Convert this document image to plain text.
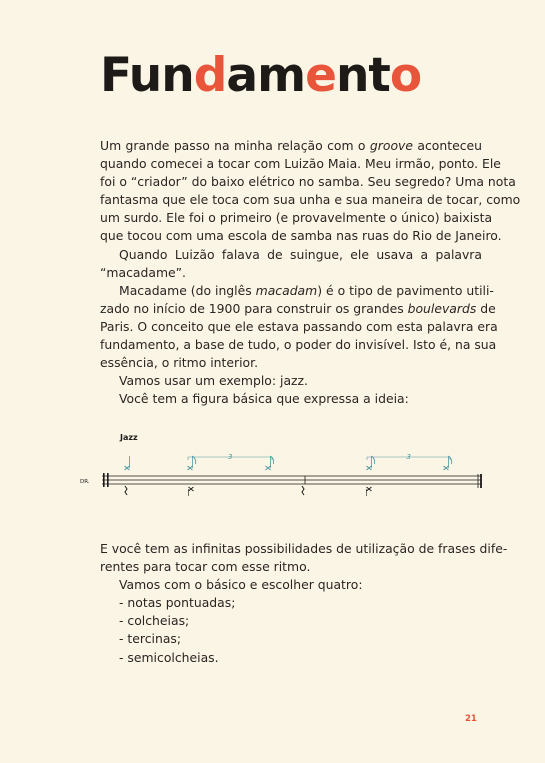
Fundamento

Um grande passo na minha relação com o groove aconteceu
quando comecei a tocar com Luizão Maia. Meu irmão, ponto. Ele
foi o “criador” do baixo elétrico no samba. Seu segredo? Uma nota
fantasma que ele toca com sua unha e sua maneira de tocar, como
um surdo. Ele foi o primeiro (e provavelmente o único) baixista
que tocou com uma escola de samba nas ruas do Rio de Janeiro.

Quando Luizão falava de suingue, ele usava a palavra “macadame”.

Macadame (do inglês macadam) é o tipo de pavimento utili-
zado no início de 1900 para construir os grandes boulevards de
Paris. O conceito que ele estava passando com esta palavra era
fundamento, a base de tudo, o poder do invisível. Isto é, na sua
essência, o ritmo interior.

Vamos usar um exemplo: jazz.

Você tem a figura básica que expressa a ideia:

Jazz
DR.
3	3

E você tem as infinitas possibilidades de utilização de frases dife-
rentes para tocar com esse ritmo.

Vamos com o básico e escolher quatro:

- notas pontuadas;
- colcheias;
- tercinas;
- semicolcheias.
21
